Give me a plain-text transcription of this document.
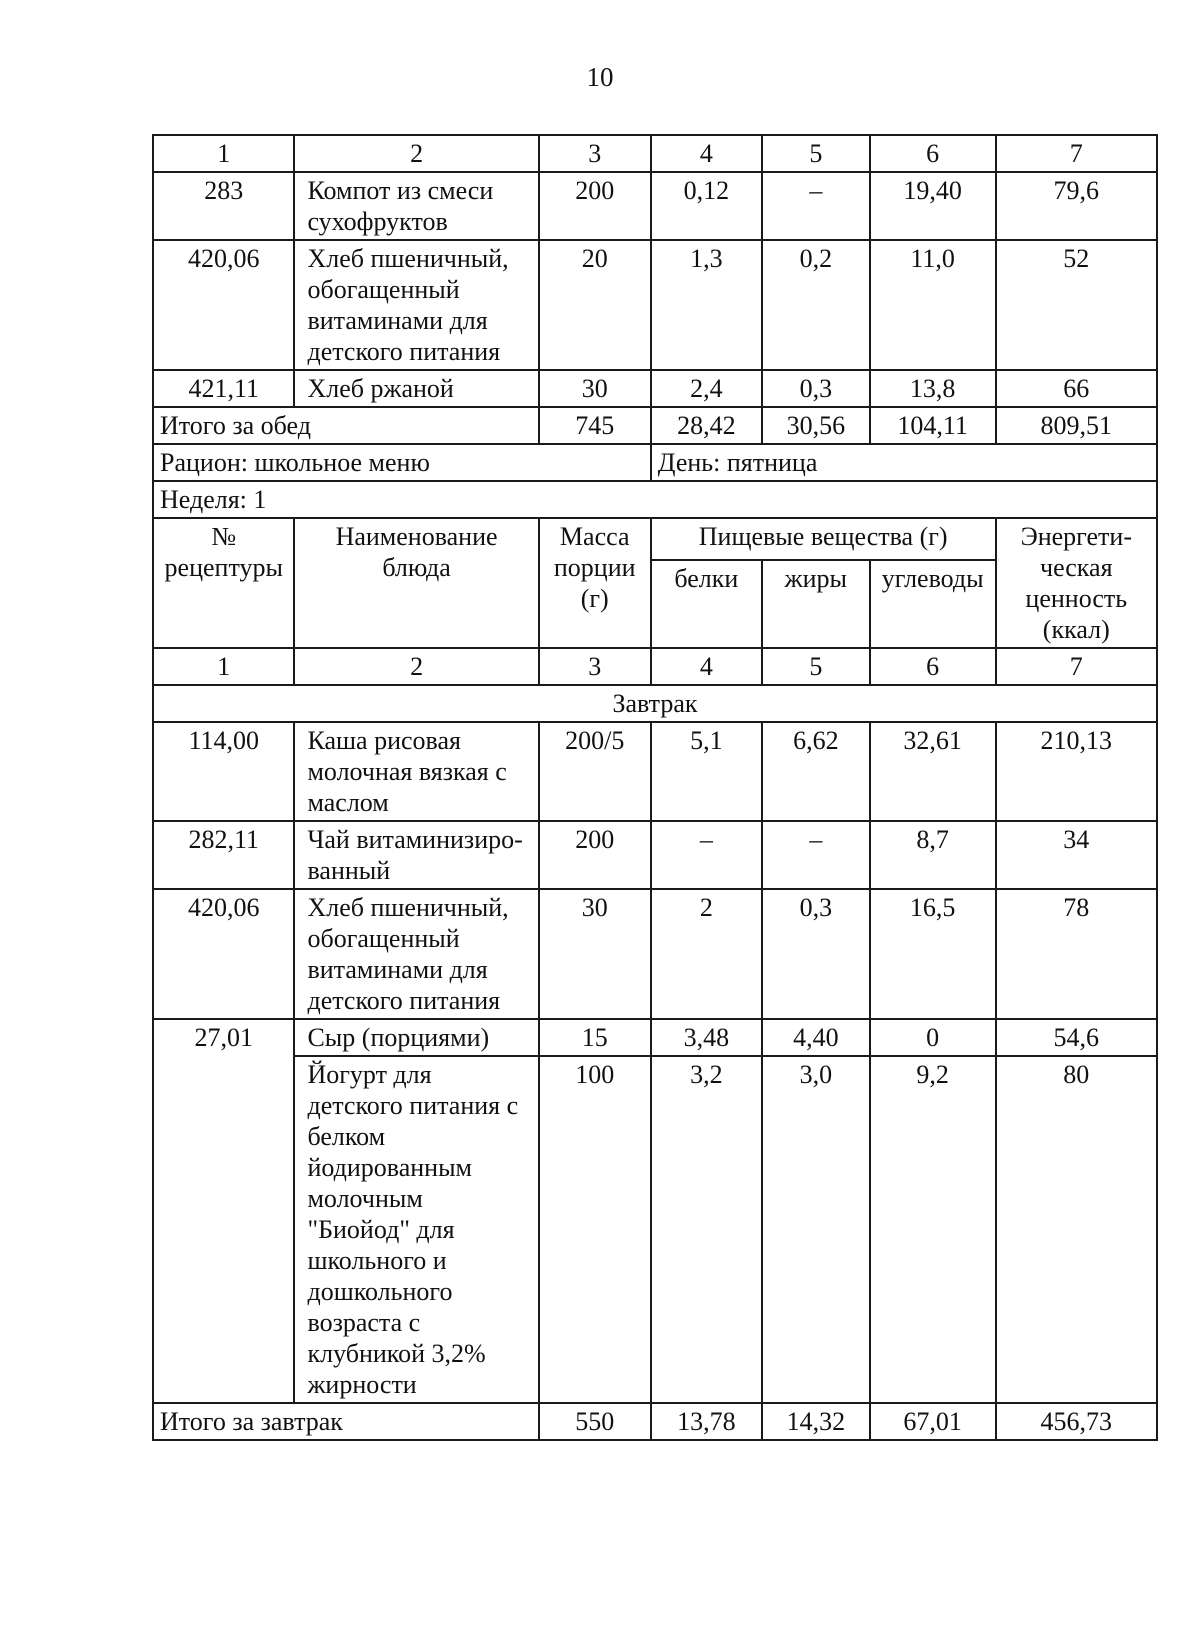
10
1	2	3	4	5	6	7
283	Компот из смеси сухофруктов	200	0,12	–	19,40	79,6
420,06	Хлеб пшеничный, обогащенный витаминами для детского питания	20	1,3	0,2	11,0	52
421,11	Хлеб ржаной	30	2,4	0,3	13,8	66
Итого за обед		745	28,42	30,56	104,11	809,51
Рацион: школьное меню			День: пятница			
Неделя: 1						
№ рецептуры	Наименование блюда	Масса порции (г)	Пищевые вещества (г)			Энергети-ческая ценность (ккал)
			белки	жиры	углеводы	
1	2	3	4	5	6	7
Завтрак						
114,00	Каша рисовая молочная вязкая с маслом	200/5	5,1	6,62	32,61	210,13
282,11	Чай витаминизиро-ванный	200	–	–	8,7	34
420,06	Хлеб пшеничный, обогащенный витаминами для детского питания	30	2	0,3	16,5	78
27,01	Сыр (порциями)	15	3,48	4,40	0	54,6
	Йогурт для детского питания с белком йодированным молочным "Биойод" для школьного и дошкольного возраста с клубникой 3,2% жирности	100	3,2	3,0	9,2	80
Итого за завтрак		550	13,78	14,32	67,01	456,73
